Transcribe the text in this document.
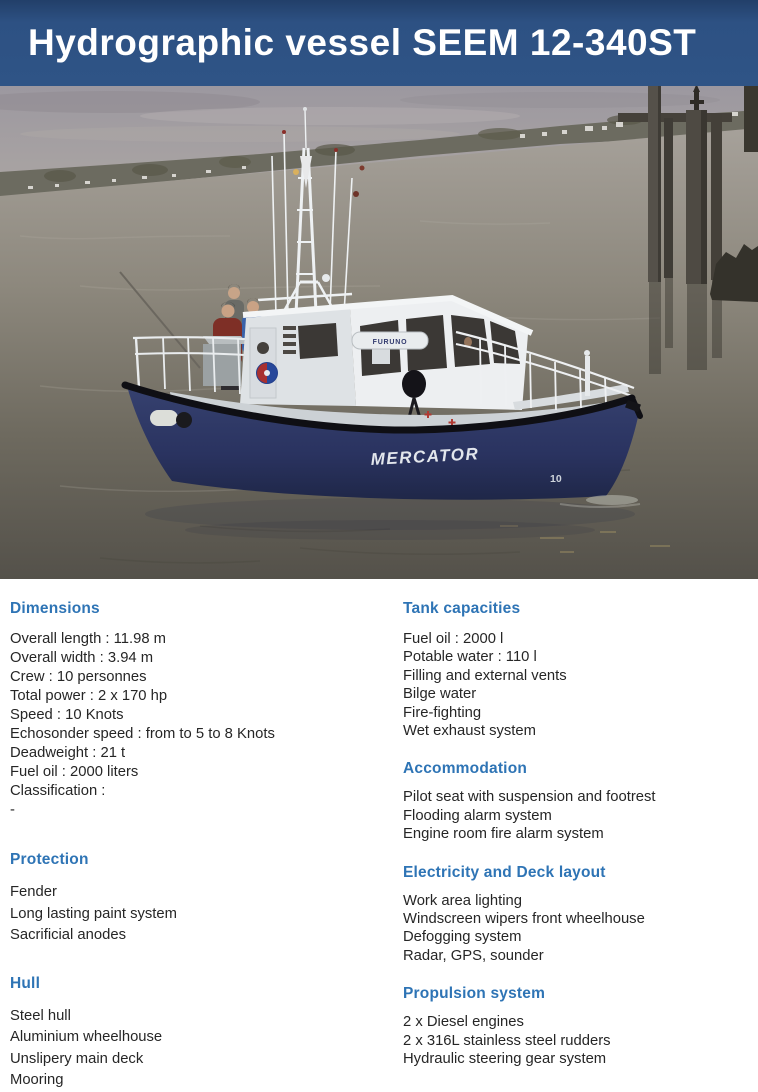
Hydrographic vessel SEEM 12-340ST
FURUNO
MERCATOR
10
Dimensions

Overall length : 11.98 m

Overall width : 3.94 m

Crew : 10 personnes

Total power : 2 x 170 hp

Speed : 10 Knots

Echosonder speed : from to 5 to 8 Knots

Deadweight : 21 t

Fuel oil : 2000 liters

Classification :

-

Protection

Fender

Long lasting paint system

Sacrificial anodes

Hull

Steel hull

Aluminium wheelhouse

Unslipery main deck

Mooring

Tank capacities

Fuel oil : 2000 l

Potable water : 110 l

Filling and external vents

Bilge water

Fire-fighting

Wet exhaust system

Accommodation

Pilot seat with suspension and footrest

Flooding alarm system

Engine room fire alarm system

Electricity and Deck layout

Work area lighting

Windscreen wipers front wheelhouse

Defogging system

Radar, GPS, sounder

Propulsion system

2 x Diesel engines

2 x 316L stainless steel rudders

Hydraulic steering gear system
